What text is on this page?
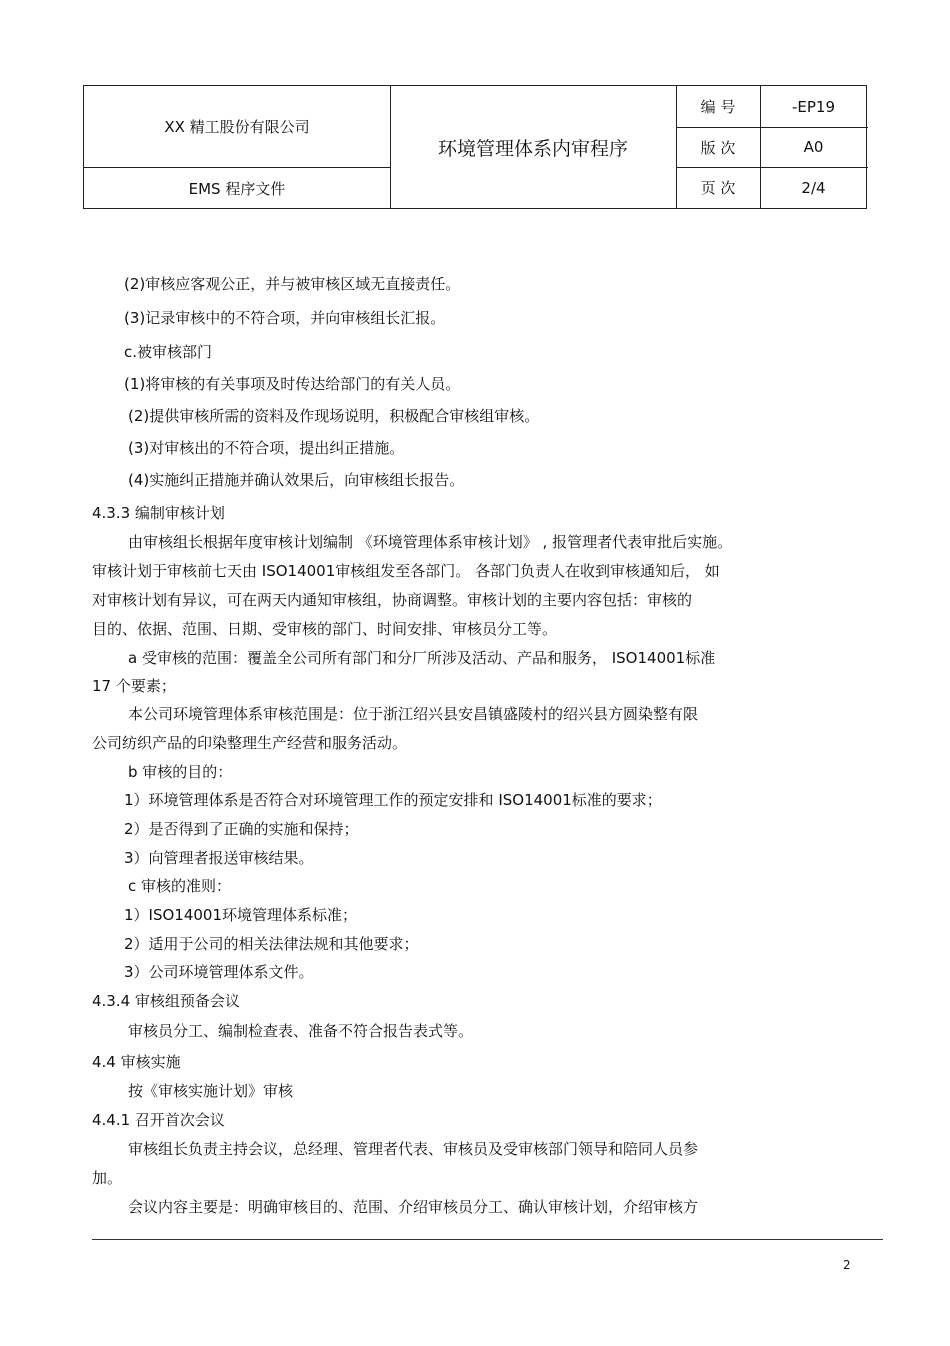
XX 精工股份有限公司
EMS 程序文件
环境管理体系内审程序
编 号	-EP19
版 次	A0
页 次	2/4
(2)审核应客观公正，并与被审核区域无直接责任。
(3)记录审核中的不符合项，并向审核组长汇报。
c.被审核部门
(1)将审核的有关事项及时传达给部门的有关人员。
(2)提供审核所需的资料及作现场说明，积极配合审核组审核。
(3)对审核出的不符合项，提出纠正措施。
(4)实施纠正措施并确认效果后，向审核组长报告。
4.3.3 编制审核计划
由审核组长根据年度审核计划编制 《环境管理体系审核计划》 , 报管理者代表审批后实施。
审核计划于审核前七天由 ISO14001审核组发至各部门。 各部门负责人在收到审核通知后， 如
对审核计划有异议，可在两天内通知审核组，协商调整。审核计划的主要内容包括：审核的
目的、依据、范围、日期、受审核的部门、时间安排、审核员分工等。
a 受审核的范围：覆盖全公司所有部门和分厂所涉及活动、产品和服务， ISO14001标准
17 个要素；
本公司环境管理体系审核范围是：位于浙江绍兴县安昌镇盛陵村的绍兴县方圆染整有限
公司纺织产品的印染整理生产经营和服务活动。
b 审核的目的：
1）环境管理体系是否符合对环境管理工作的预定安排和 ISO14001标准的要求；
2）是否得到了正确的实施和保持；
3）向管理者报送审核结果。
c 审核的准则：
1）ISO14001环境管理体系标准；
2）适用于公司的相关法律法规和其他要求；
3）公司环境管理体系文件。
4.3.4 审核组预备会议
审核员分工、编制检查表、准备不符合报告表式等。
4.4 审核实施
按《审核实施计划》审核
4.4.1 召开首次会议
审核组长负责主持会议，总经理、管理者代表、审核员及受审核部门领导和陪同人员参
加。
会议内容主要是：明确审核目的、范围、介绍审核员分工、确认审核计划，介绍审核方
2
